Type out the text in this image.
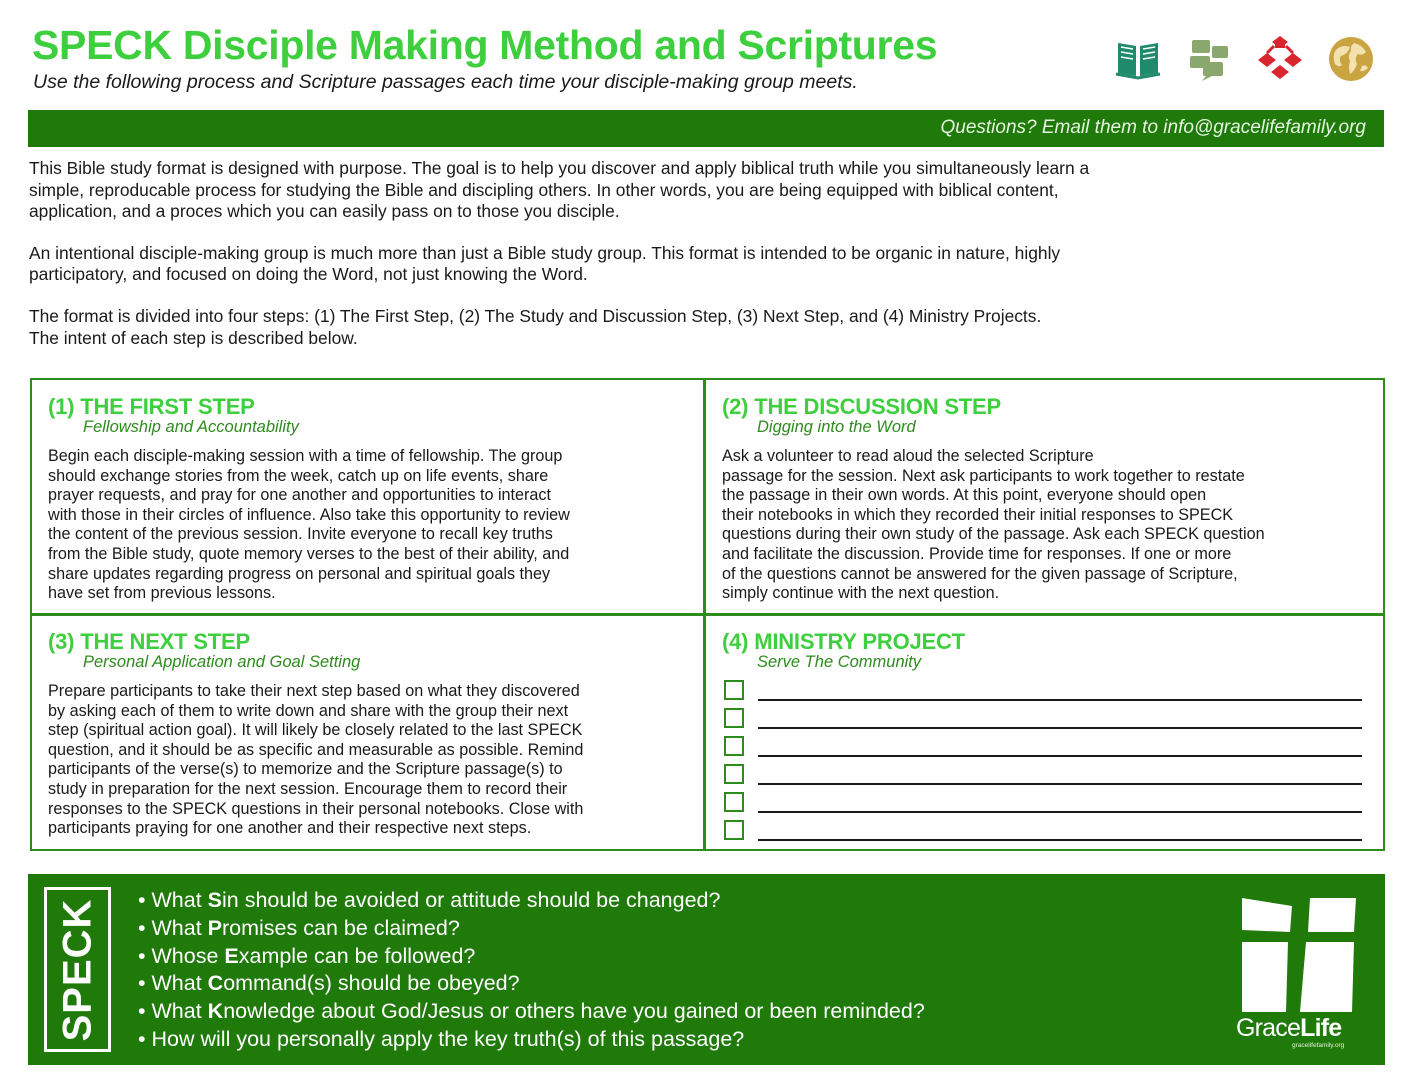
SPECK Disciple Making Method and Scriptures
Use the following process and Scripture passages each time your disciple-making group meets.
Questions? Email them to info@gracelifefamily.org

This Bible study format is designed with purpose. The goal is to help you discover and apply biblical truth while you simultaneously learn a
simple, reproducable process for studying the Bible and discipling others. In other words, you are being equipped with biblical content,
application, and a proces which you can easily pass on to those you disciple.

An intentional disciple-making group is much more than just a Bible study group. This format is intended to be organic in nature, highly
participatory, and focused on doing the Word, not just knowing the Word.

The format is divided into four steps: (1) The First Step, (2) The Study and Discussion Step, (3) Next Step, and (4) Ministry Projects.
The intent of each step is described below.

(1) THE FIRST STEP
Fellowship and Accountability
Begin each disciple-making session with a time of fellowship. The group
should exchange stories from the week, catch up on life events, share
prayer requests, and pray for one another and opportunities to interact
with those in their circles of influence. Also take this opportunity to review
the content of the previous session. Invite everyone to recall key truths
from the Bible study, quote memory verses to the best of their ability, and
share updates regarding progress on personal and spiritual goals they
have set from previous lessons.
(2) THE DISCUSSION STEP
Digging into the Word
Ask a volunteer to read aloud the selected Scripture
passage for the session. Next ask participants to work together to restate
the passage in their own words. At this point, everyone should open
their notebooks in which they recorded their initial responses to SPECK
questions during their own study of the passage. Ask each SPECK question
and facilitate the discussion. Provide time for responses. If one or more
of the questions cannot be answered for the given passage of Scripture,
simply continue with the next question.
(3) THE NEXT STEP
Personal Application and Goal Setting
Prepare participants to take their next step based on what they discovered
by asking each of them to write down and share with the group their next
step (spiritual action goal). It will likely be closely related to the last SPECK
question, and it should be as specific and measurable as possible. Remind
participants of the verse(s) to memorize and the Scripture passage(s) to
study in preparation for the next session. Encourage them to record their
responses to the SPECK questions in their personal notebooks. Close with
participants praying for one another and their respective next steps.
(4) MINISTRY PROJECT
Serve The Community
SPECK • What Sin should be avoided or attitude should be changed?
• What Promises can be claimed?
• Whose Example can be followed?
• What Command(s) should be obeyed?
• What Knowledge about God/Jesus or others have you gained or been reminded?
• How will you personally apply the key truth(s) of this passage?	GraceLife
gracelifefamily.org
